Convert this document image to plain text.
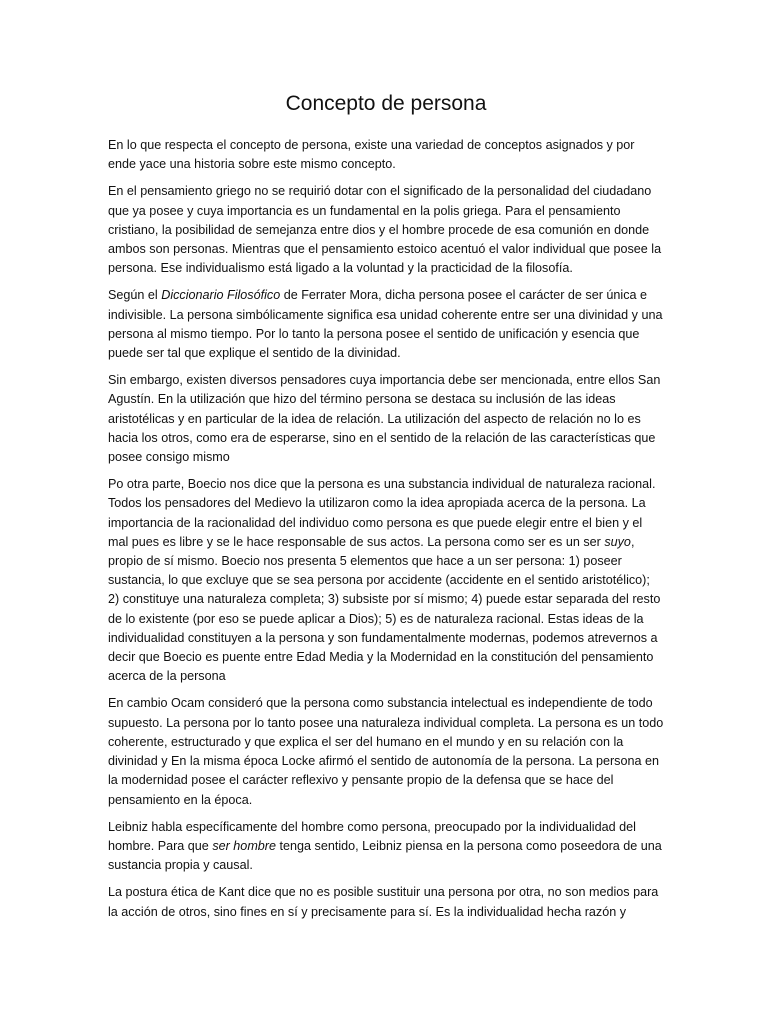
Concepto de persona

En lo que respecta el concepto de persona, existe una variedad de conceptos asignados y por ende yace una historia sobre este mismo concepto.

En el pensamiento griego no se requirió dotar con el significado de la personalidad del ciudadano que ya posee y cuya importancia es un fundamental en la polis griega. Para el pensamiento cristiano, la posibilidad de semejanza entre dios y el hombre procede de esa comunión en donde ambos son personas. Mientras que el pensamiento estoico acentuó el valor individual que posee la persona. Ese individualismo está ligado a la voluntad y la practicidad de la filosofía.

Según el Diccionario Filosófico de Ferrater Mora, dicha persona posee el carácter de ser única e indivisible. La persona simbólicamente significa esa unidad coherente entre ser una divinidad y una persona al mismo tiempo. Por lo tanto la persona posee el sentido de unificación y esencia que puede ser tal que explique el sentido de la divinidad.

Sin embargo, existen diversos pensadores cuya importancia debe ser mencionada, entre ellos San Agustín. En la utilización que hizo del término persona se destaca su inclusión de las ideas aristotélicas y en particular de la idea de relación. La utilización del aspecto de relación no lo es hacia los otros, como era de esperarse, sino en el sentido de la relación de las características que posee consigo mismo

Po otra parte, Boecio nos dice que la persona es una substancia individual de naturaleza racional. Todos los pensadores del Medievo la utilizaron como la idea apropiada acerca de la persona. La importancia de la racionalidad del individuo como persona es que puede elegir entre el bien y el mal pues es libre y se le hace responsable de sus actos. La persona como ser es un ser suyo, propio de sí mismo. Boecio nos presenta 5 elementos que hace a un ser persona: 1) poseer sustancia, lo que excluye que se sea persona por accidente (accidente en el sentido aristotélico); 2) constituye una naturaleza completa; 3) subsiste por sí mismo; 4) puede estar separada del resto de lo existente (por eso se puede aplicar a Dios); 5) es de naturaleza racional. Estas ideas de la individualidad constituyen a la persona y son fundamentalmente modernas, podemos atrevernos a decir que Boecio es puente entre Edad Media y la Modernidad en la constitución del pensamiento acerca de la persona

En cambio Ocam consideró que la persona como substancia intelectual es independiente de todo supuesto. La persona por lo tanto posee una naturaleza individual completa. La persona es un todo coherente, estructurado y que explica el ser del humano en el mundo y en su relación con la divinidad y En la misma época Locke afirmó el sentido de autonomía de la persona. La persona en la modernidad posee el carácter reflexivo y pensante propio de la defensa que se hace del pensamiento en la época.

Leibniz habla específicamente del hombre como persona, preocupado por la individualidad del hombre. Para que ser hombre tenga sentido, Leibniz piensa en la persona como poseedora de una sustancia propia y causal.

La postura ética de Kant dice que no es posible sustituir una persona por otra, no son medios para la acción de otros, sino fines en sí y precisamente para sí. Es la individualidad hecha razón y
